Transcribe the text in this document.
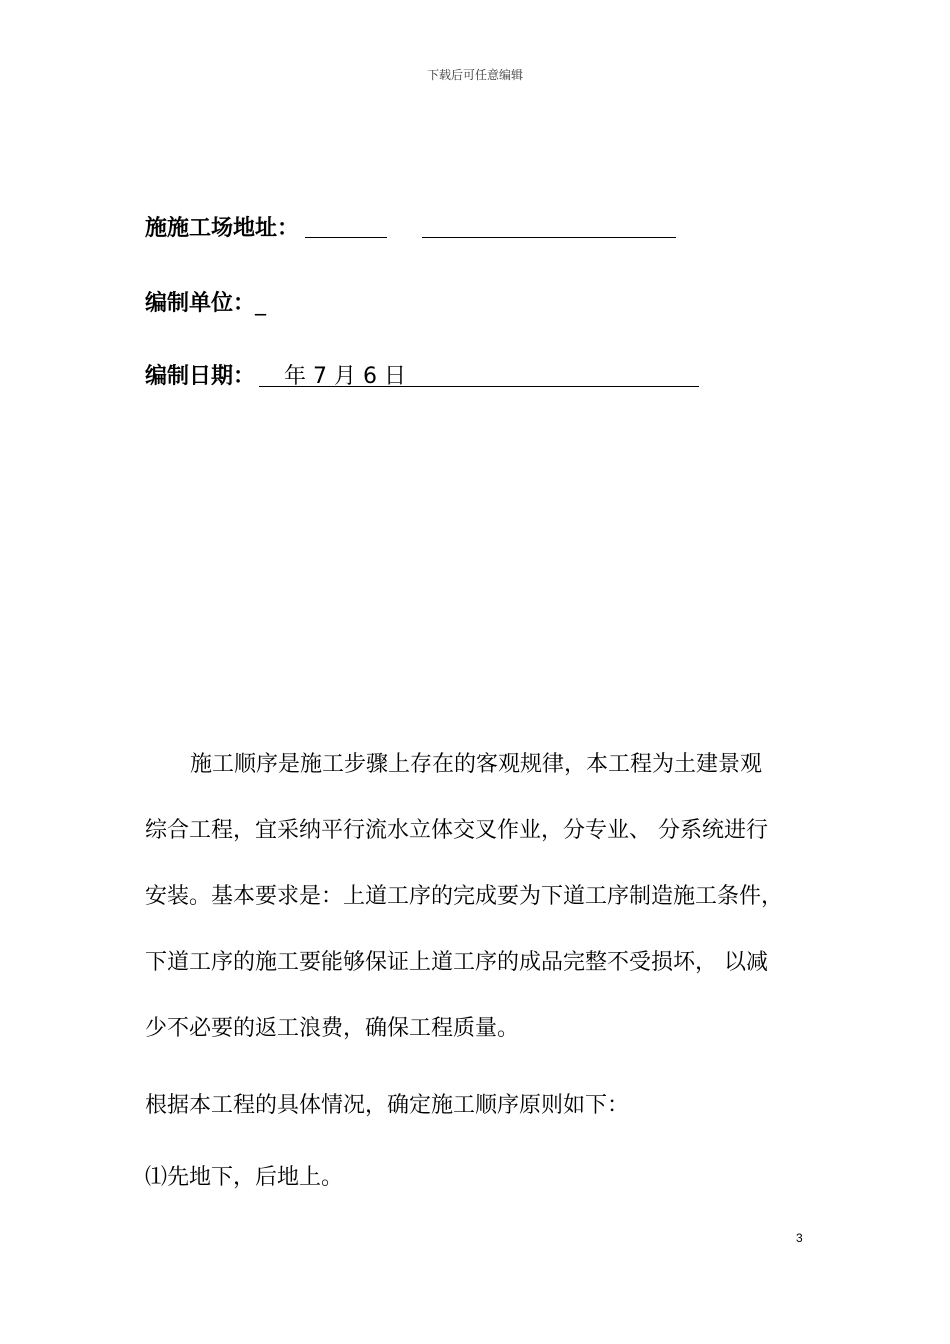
下载后可任意编辑
施施工场地址：
编制单位：_
编制日期： 年 7 月 6 日
施工顺序是施工步骤上存在的客观规律，本工程为土建景观
综合工程，宜采纳平行流水立体交叉作业，分专业、 分系统进行
安装。基本要求是：上道工序的完成要为下道工序制造施工条件，
下道工序的施工要能够保证上道工序的成品完整不受损坏， 以减
少不必要的返工浪费，确保工程质量。
根据本工程的具体情况，确定施工顺序原则如下：
⑴先地下，后地上。
3
